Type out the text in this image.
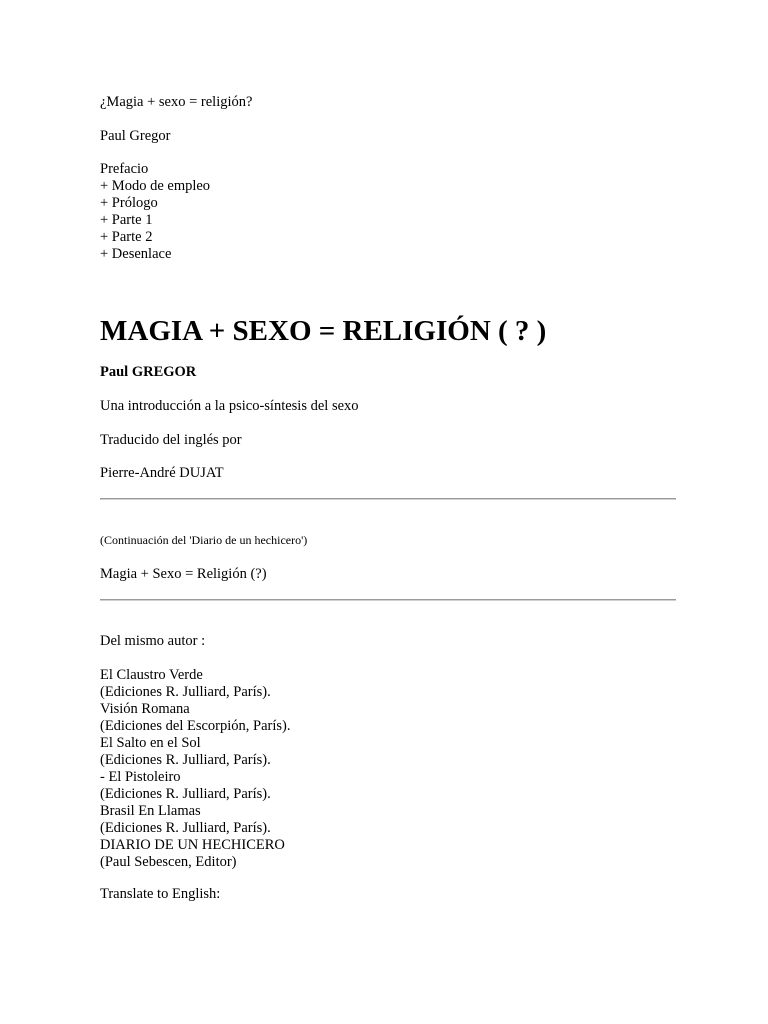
¿Magia + sexo = religión?
Paul Gregor
Prefacio
+ Modo de empleo
+ Prólogo
+ Parte 1
+ Parte 2
+ Desenlace
MAGIA + SEXO = RELIGIÓN ( ? )
Paul GREGOR
Una introducción a la psico-síntesis del sexo
Traducido del inglés por
Pierre-André DUJAT
(Continuación del 'Diario de un hechicero')
Magia + Sexo = Religión (?)
Del mismo autor :
El Claustro Verde
(Ediciones R. Julliard, París).
Visión Romana
(Ediciones del Escorpión, París).
El Salto en el Sol
(Ediciones R. Julliard, París).
- El Pistoleiro
(Ediciones R. Julliard, París).
Brasil En Llamas
(Ediciones R. Julliard, París).
DIARIO DE UN HECHICERO
(Paul Sebescen, Editor)
Translate to English:
